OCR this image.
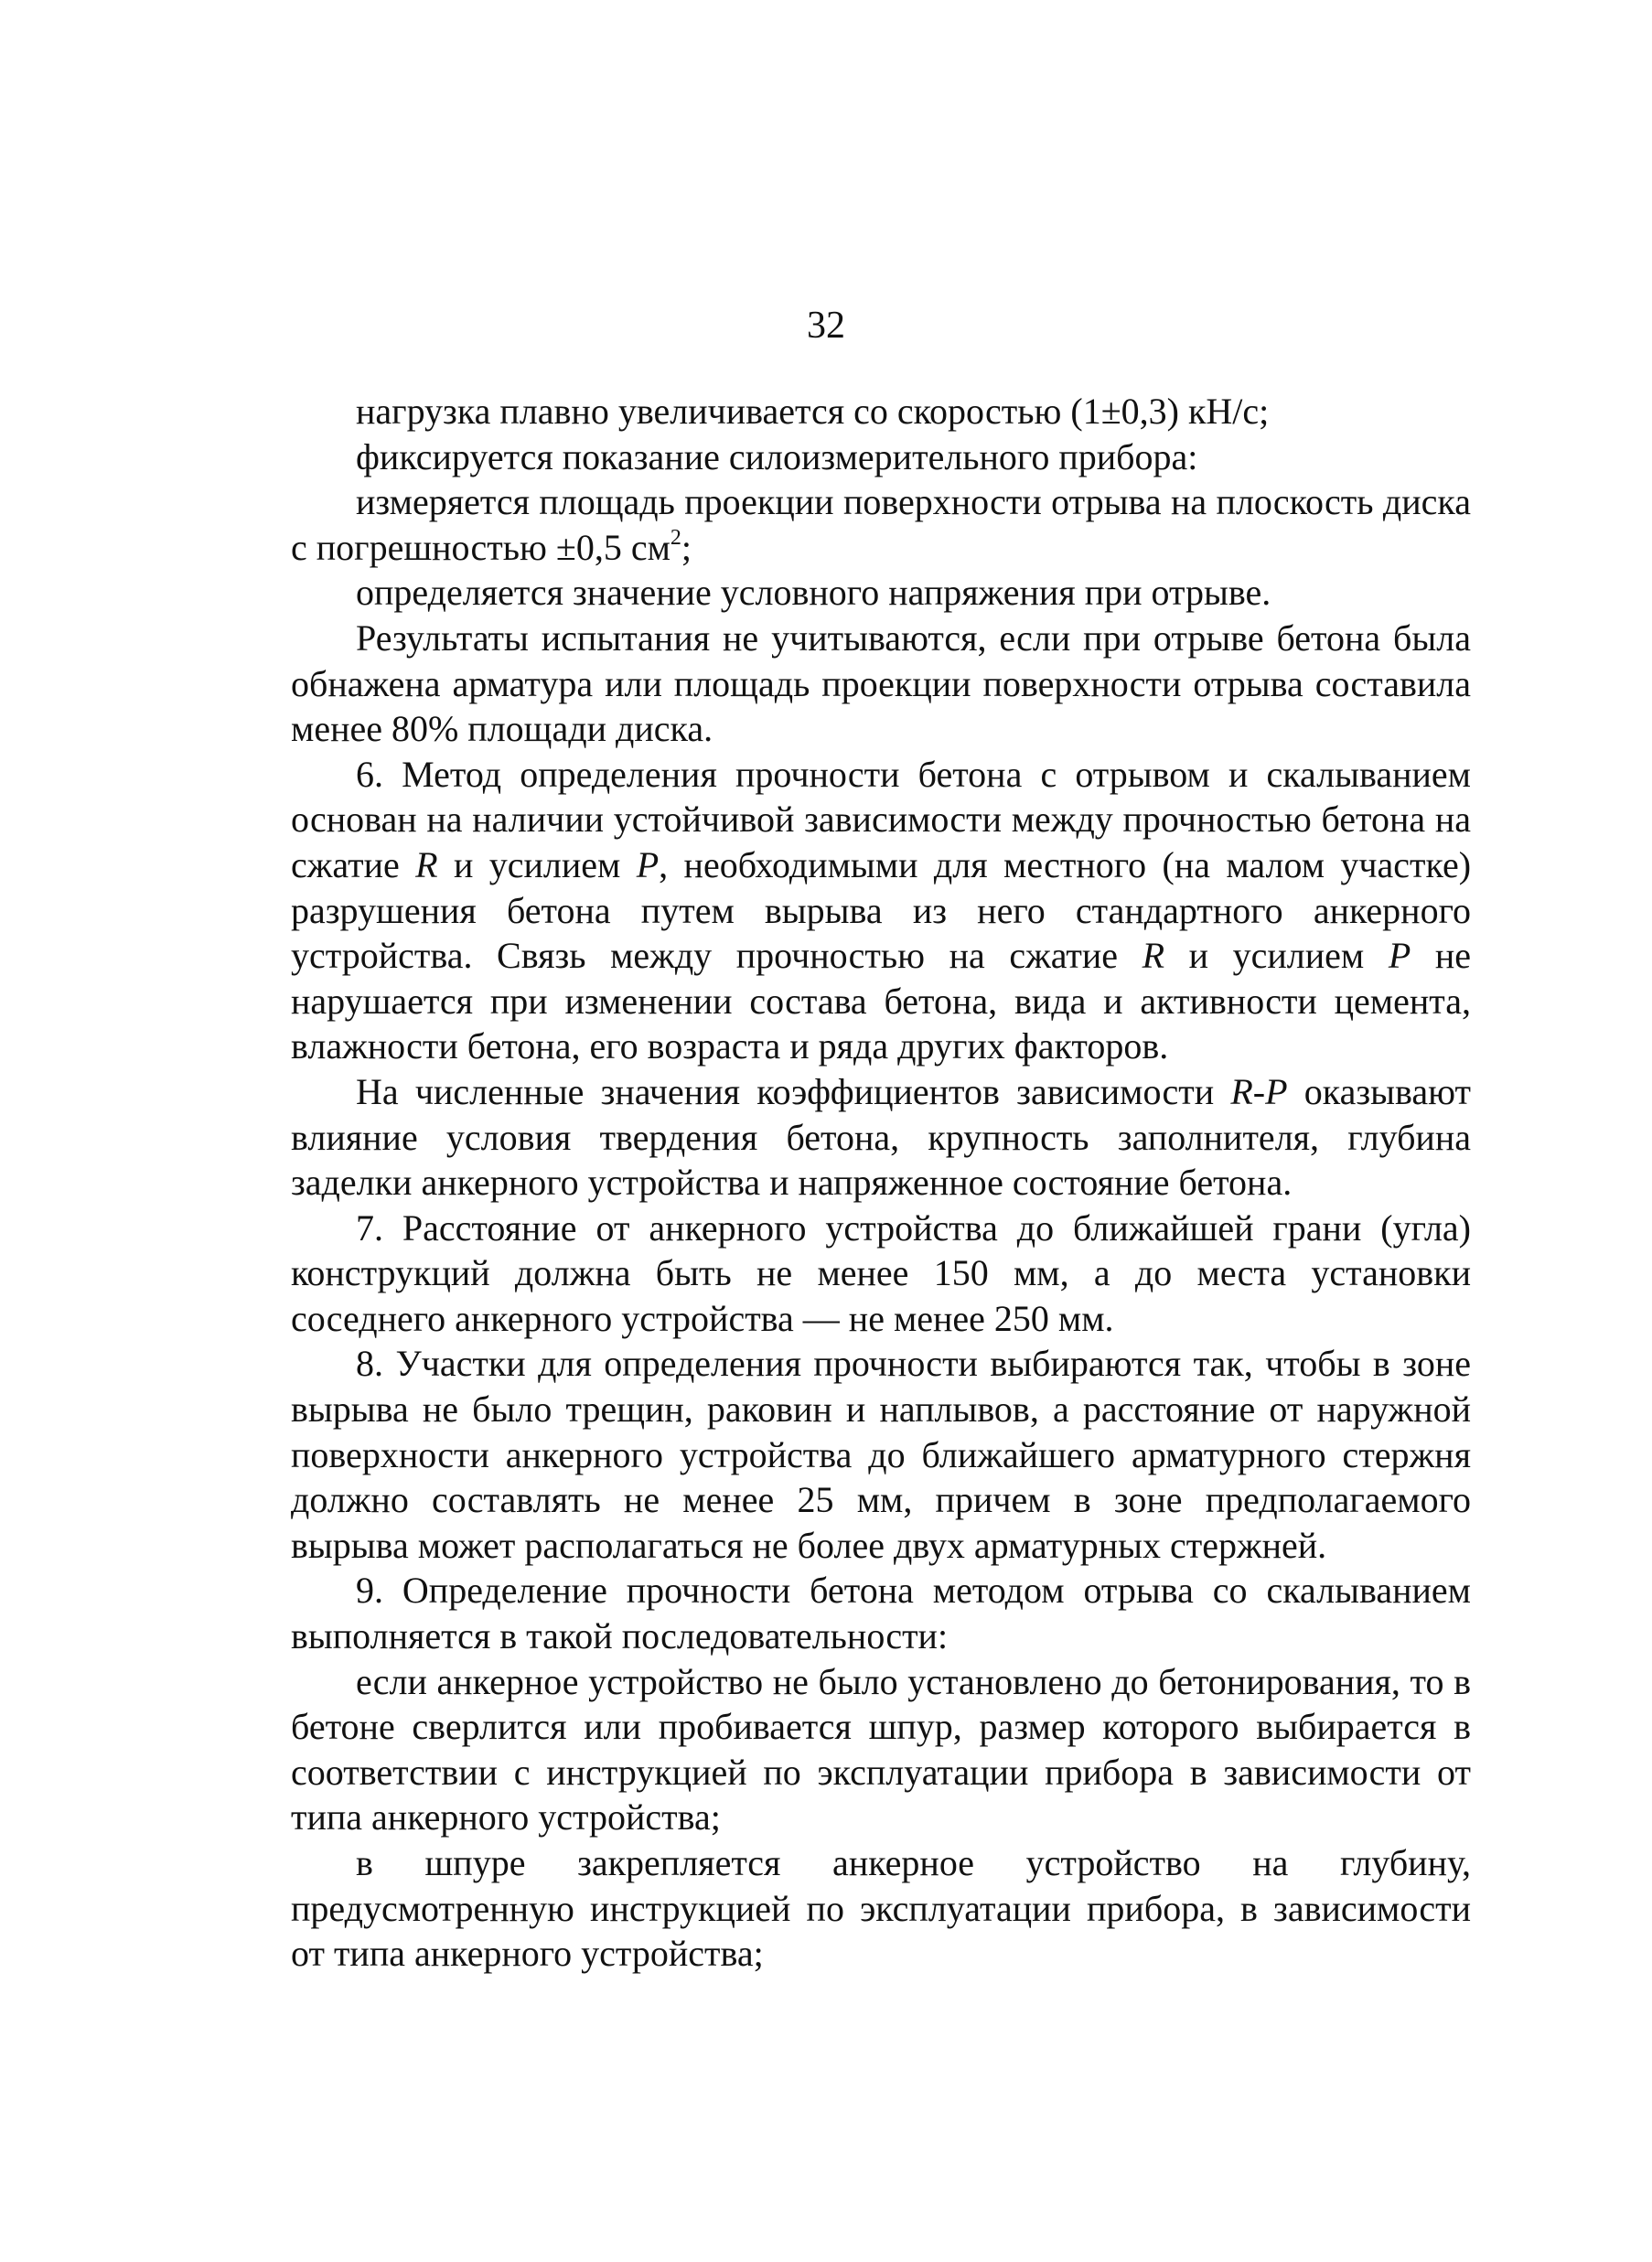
32

нагрузка плавно увеличивается со скоростью (1±0,3) кН/с;

фиксируется показание силоизмерительного прибора:

измеряется площадь проекции поверхности отрыва на плоскость диска с погрешностью ±0,5 $см^2$;

определяется значение условного напряжения при отрыве.

Результаты испытания не учитываются, если при отрыве бетона была обнажена арматура или площадь проекции поверхности отрыва составила менее 80% площади диска.

6. Метод определения прочности бетона с отрывом и скалыванием основан на наличии устойчивой зависимости между прочностью бетона на сжатие R и усилием P, необходимыми для местного (на малом участке) разрушения бетона путем вырыва из него стандартного анкерного устройства. Связь между прочностью на сжатие R и усилием P не нарушается при изменении состава бетона, вида и активности цемента, влажности бетона, его возраста и ряда других факторов.

На численные значения коэффициентов зависимости R-P оказывают влияние условия твердения бетона, крупность заполнителя, глубина заделки анкерного устройства и напряженное состояние бетона.

7. Расстояние от анкерного устройства до ближайшей грани (угла) конструкций должна быть не менее 150 мм, а до места установки соседнего анкерного устройства — не менее 250 мм.

8. Участки для определения прочности выбираются так, чтобы в зоне вырыва не было трещин, раковин и наплывов, а расстояние от наружной поверхности анкерного устройства до ближайшего арматурного стержня должно составлять не менее 25 мм, причем в зоне предполагаемого вырыва может располагаться не более двух арматурных стержней.

9. Определение прочности бетона методом отрыва со скалыванием выполняется в такой последовательности:

если анкерное устройство не было установлено до бетонирования, то в бетоне сверлится или пробивается шпур, размер которого выбирается в соответствии с инструкцией по эксплуатации прибора в зависимости от типа анкерного устройства;

в шпуре закрепляется анкерное устройство на глубину, предусмотренную инструкцией по эксплуатации прибора, в зависимости от типа анкерного устройства;
